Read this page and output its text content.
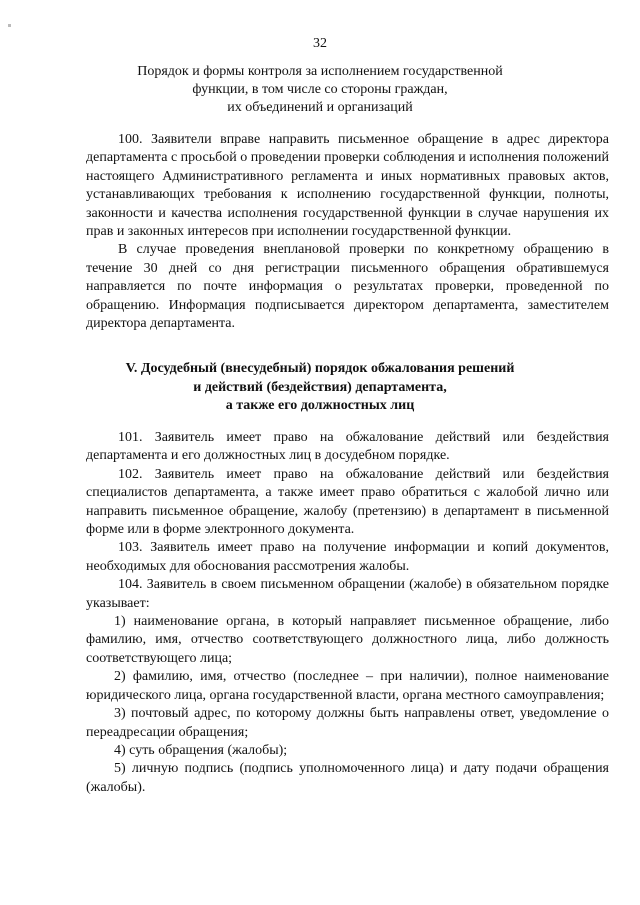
32
Порядок и формы контроля за исполнением государственной
функции, в том числе со стороны граждан,
их объединений и организаций

100. Заявители вправе направить письменное обращение в адрес директора департамента с просьбой о проведении проверки соблюдения и исполнения положений настоящего Административного регламента и иных нормативных правовых актов, устанавливающих требования к исполнению государственной функции, полноты, законности и качества исполнения государственной функции в случае нарушения их прав и законных интересов при исполнении государственной функции.

В случае проведения внеплановой проверки по конкретному обращению в течение 30 дней со дня регистрации письменного обращения обратившемуся направляется по почте информация о результатах проверки, проведенной по обращению. Информация подписывается директором департамента, заместителем директора департамента.

V. Досудебный (внесудебный) порядок обжалования решений
и действий (бездействия) департамента,
а также его должностных лиц

101. Заявитель имеет право на обжалование действий или бездействия департамента и его должностных лиц в досудебном порядке.

102. Заявитель имеет право на обжалование действий или бездействия специалистов департамента, а также имеет право обратиться с жалобой лично или направить письменное обращение, жалобу (претензию) в департамент в письменной форме или в форме электронного документа.

103. Заявитель имеет право на получение информации и копий документов, необходимых для обоснования рассмотрения жалобы.

104. Заявитель в своем письменном обращении (жалобе) в обязательном порядке указывает:

1) наименование органа, в который направляет письменное обращение, либо фамилию, имя, отчество соответствующего должностного лица, либо должность соответствующего лица;

2) фамилию, имя, отчество (последнее – при наличии), полное наименование юридического лица, органа государственной власти, органа местного самоуправления;

3) почтовый адрес, по которому должны быть направлены ответ, уведомление о переадресации обращения;

4) суть обращения (жалобы);

5) личную подпись (подпись уполномоченного лица) и дату подачи обращения (жалобы).
